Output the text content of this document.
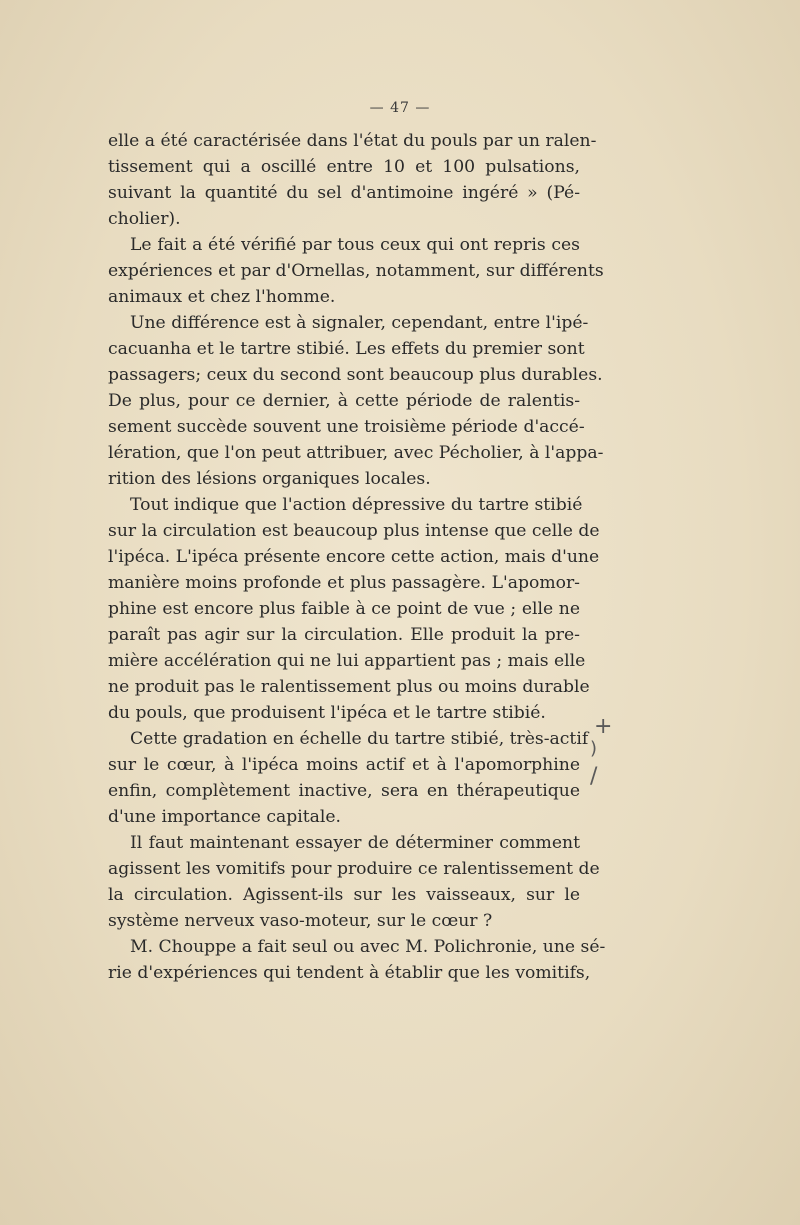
— 47 —

elle a été caractérisée dans l'état du pouls par un ralen-
tissement qui a oscillé entre 10 et 100 pulsations,
suivant la quantité du sel d'antimoine ingéré » (Pé-
cholier).

Le fait a été vérifié par tous ceux qui ont repris ces
expériences et par d'Ornellas, notamment, sur différents
animaux et chez l'homme.

Une différence est à signaler, cependant, entre l'ipé-
cacuanha et le tartre stibié. Les effets du premier sont
passagers; ceux du second sont beaucoup plus durables.
De plus, pour ce dernier, à cette période de ralentis-
sement succède souvent une troisième période d'accé-
lération, que l'on peut attribuer, avec Pécholier, à l'appa-
rition des lésions organiques locales.

Tout indique que l'action dépressive du tartre stibié
sur la circulation est beaucoup plus intense que celle de
l'ipéca. L'ipéca présente encore cette action, mais d'une
manière moins profonde et plus passagère. L'apomor-
phine est encore plus faible à ce point de vue ; elle ne
paraît pas agir sur la circulation. Elle produit la pre-
mière accélération qui ne lui appartient pas ; mais elle
ne produit pas le ralentissement plus ou moins durable
du pouls, que produisent l'ipéca et le tartre stibié.

Cette gradation en échelle du tartre stibié, très-actif
sur le cœur, à l'ipéca moins actif et à l'apomorphine
enfin, complètement inactive, sera en thérapeutique
d'une importance capitale.

Il faut maintenant essayer de déterminer comment
agissent les vomitifs pour produire ce ralentissement de
la circulation. Agissent-ils sur les vaisseaux, sur le
système nerveux vaso-moteur, sur le cœur ?

M. Chouppe a fait seul ou avec M. Polichronie, une sé-
rie d'expériences qui tendent à établir que les vomitifs,

+
)
/
